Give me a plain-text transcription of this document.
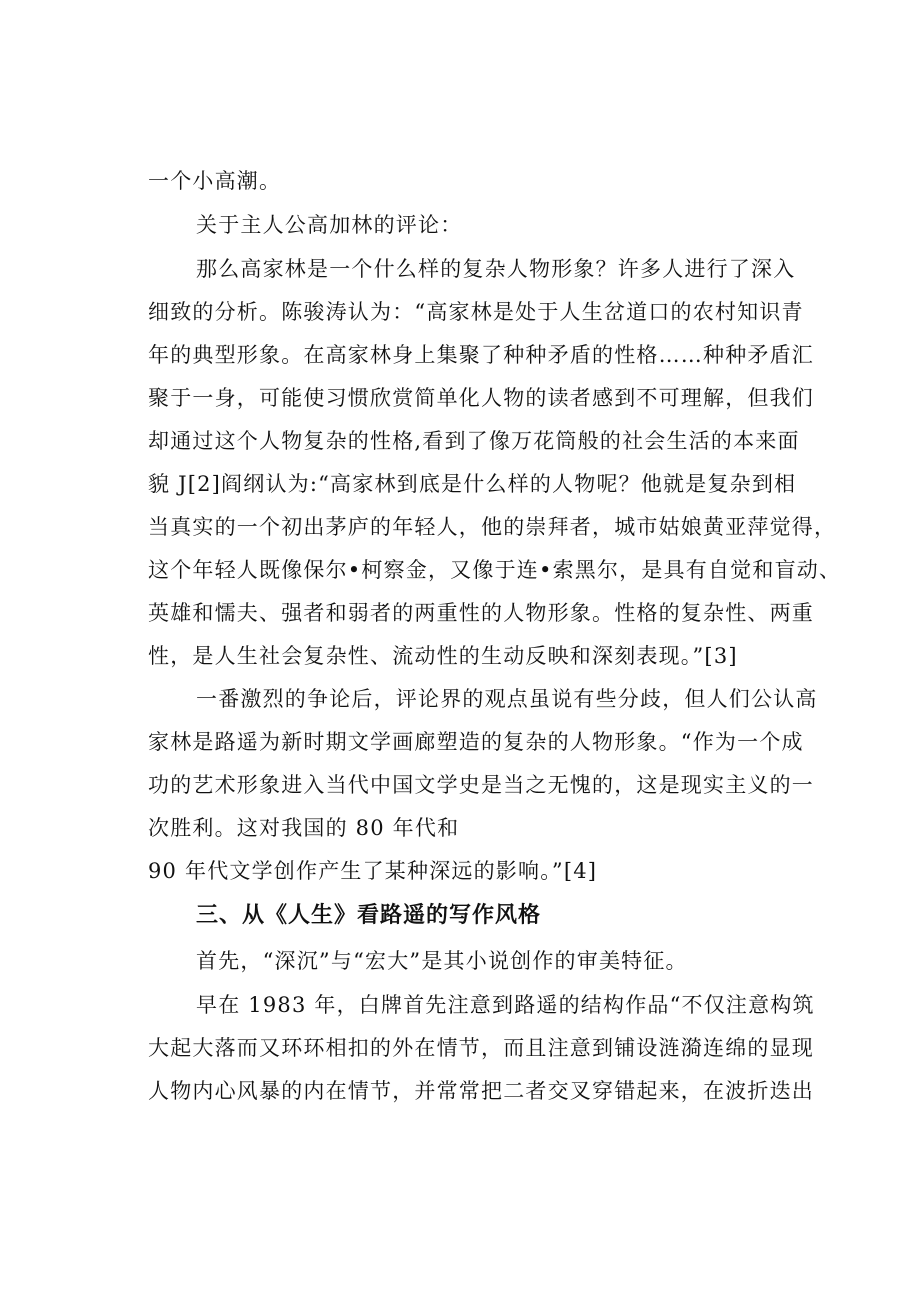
一个小高潮。
关于主人公高加林的评论：
那么高家林是一个什么样的复杂人物形象？许多人进行了深入
细致的分析。陈骏涛认为：“高家林是处于人生岔道口的农村知识青
年的典型形象。在高家林身上集聚了种种矛盾的性格……种种矛盾汇
聚于一身，可能使习惯欣赏简单化人物的读者感到不可理解，但我们
却通过这个人物复杂的性格,看到了像万花筒般的社会生活的本来面
貌 J[2]阎纲认为:“高家林到底是什么样的人物呢？他就是复杂到相
当真实的一个初出茅庐的年轻人，他的崇拜者，城市姑娘黄亚萍觉得，
这个年轻人既像保尔•柯察金，又像于连•索黑尔，是具有自觉和盲动、
英雄和懦夫、强者和弱者的两重性的人物形象。性格的复杂性、两重
性，是人生社会复杂性、流动性的生动反映和深刻表现。”[3]
一番激烈的争论后，评论界的观点虽说有些分歧，但人们公认高
家林是路遥为新时期文学画廊塑造的复杂的人物形象。“作为一个成
功的艺术形象进入当代中国文学史是当之无愧的，这是现实主义的一
次胜利。这对我国的 80 年代和
90 年代文学创作产生了某种深远的影响。”[4]
三、从《人生》看路遥的写作风格
首先，“深沉”与“宏大”是其小说创作的审美特征。
早在 1983 年，白牌首先注意到路遥的结构作品“不仅注意构筑
大起大落而又环环相扣的外在情节，而且注意到铺设涟漪连绵的显现
人物内心风暴的内在情节，并常常把二者交叉穿错起来，在波折迭出
